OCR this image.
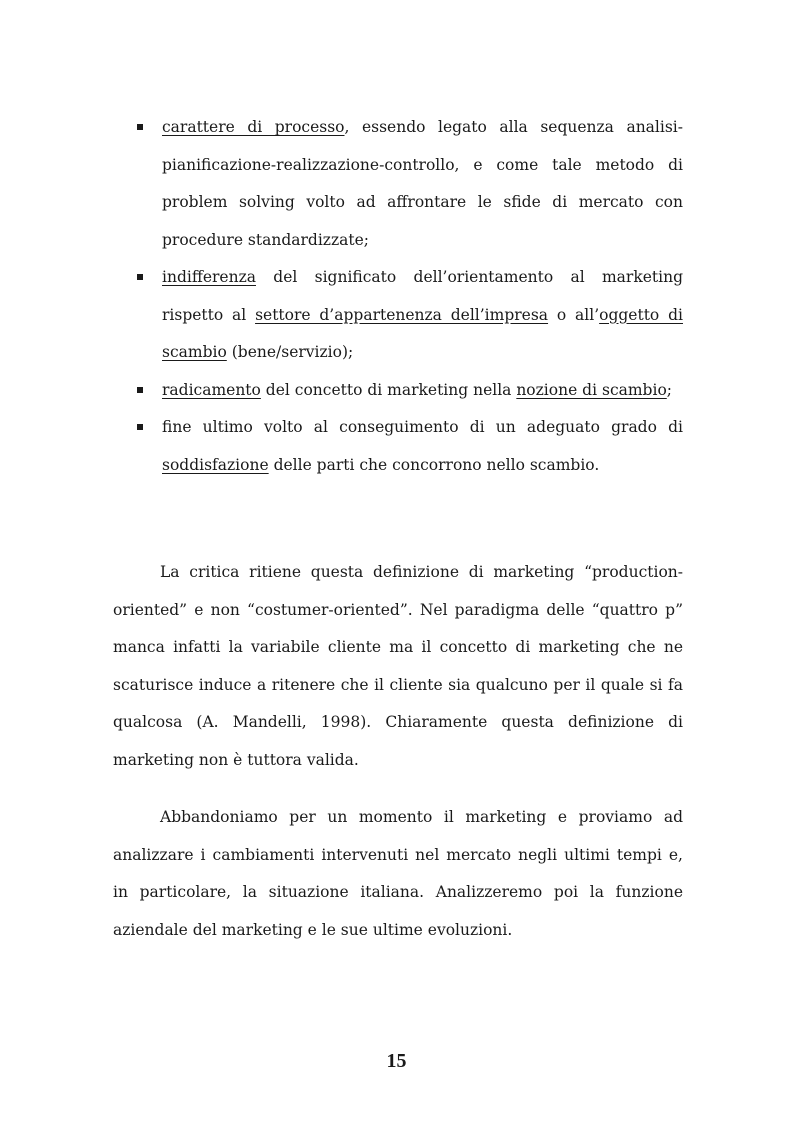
carattere di processo, essendo legato alla sequenza analisi-pianificazione-realizzazione-controllo, e come tale metodo di problem solving volto ad affrontare le sfide di mercato con procedure standardizzate;
indifferenza del significato dell’orientamento al marketing rispetto al settore d’appartenenza dell’impresa o all’oggetto di scambio (bene/servizio);
radicamento del concetto di marketing nella nozione di scambio;
fine ultimo volto al conseguimento di un adeguato grado di soddisfazione delle parti che concorrono nello scambio.

La critica ritiene questa definizione di marketing “production-oriented” e non “costumer-oriented”. Nel paradigma delle “quattro p” manca infatti la variabile cliente ma il concetto di marketing che ne scaturisce induce a ritenere che il cliente sia qualcuno per il quale si fa qualcosa (A. Mandelli, 1998). Chiaramente questa definizione di marketing non è tuttora valida.

Abbandoniamo per un momento il marketing e proviamo ad analizzare i cambiamenti intervenuti nel mercato negli ultimi tempi e, in particolare, la situazione italiana. Analizzeremo poi la funzione aziendale del marketing e le sue ultime evoluzioni.

15
